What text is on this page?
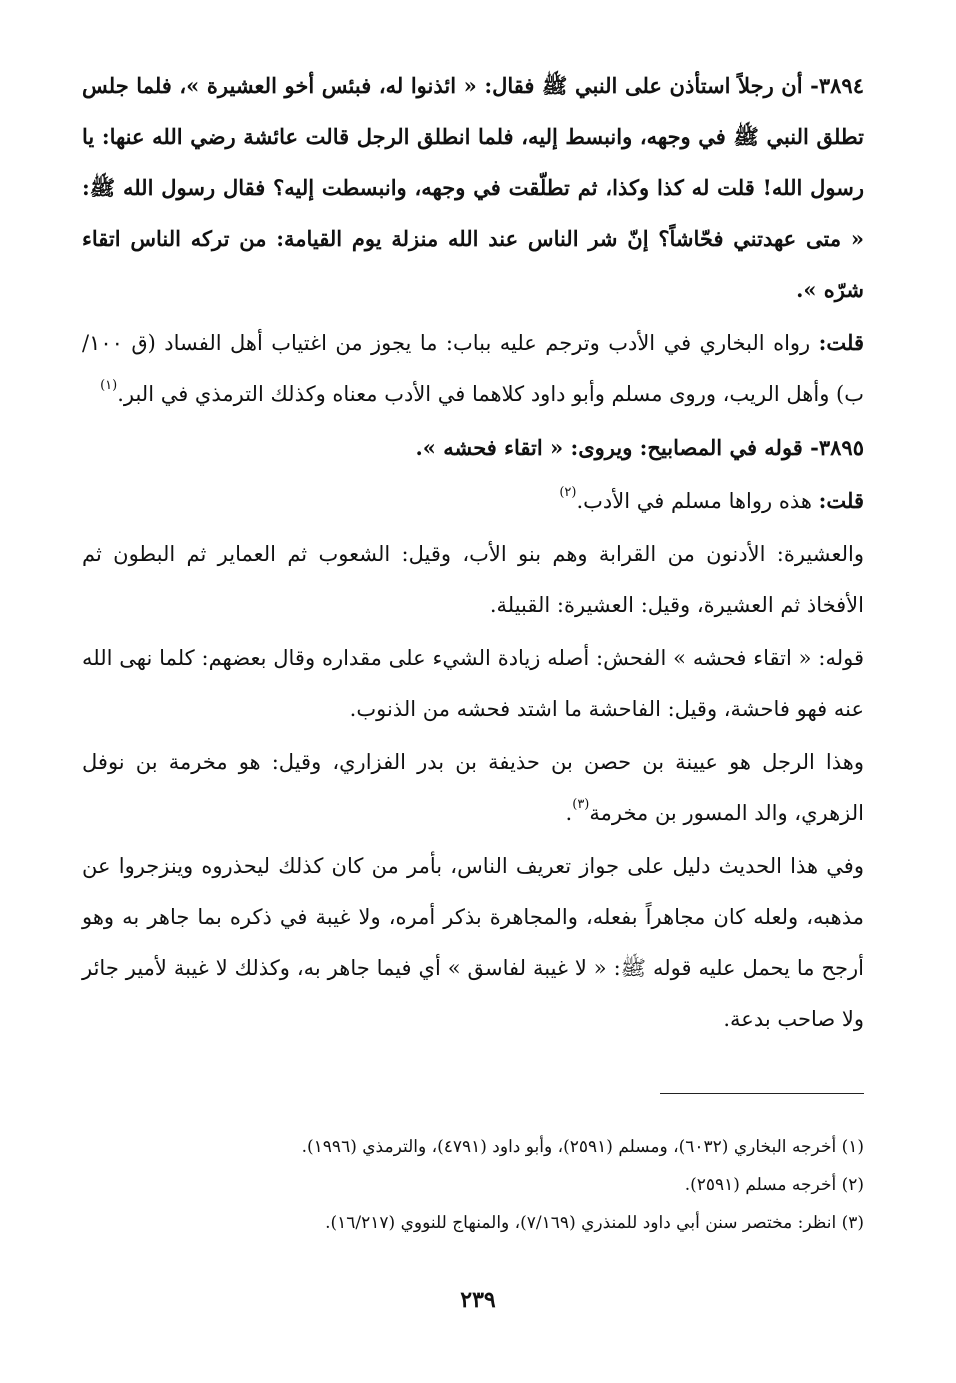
٣٨٩٤- أن رجلاً استأذن على النبي ﷺ فقال: « ائذنوا له، فبئس أخو العشيرة »، فلما جلس تطلق النبي ﷺ في وجهه، وانبسط إليه، فلما انطلق الرجل قالت عائشة رضي الله عنها: يا رسول الله! قلت له كذا وكذا، ثم تطلّقت في وجهه، وانبسطت إليه؟ فقال رسول الله ﷺ: « متى عهدتني فحّاشاً؟ إنّ شر الناس عند الله منزلة يوم القيامة: من تركه الناس اتقاء شرّه ».

قلت: رواه البخاري في الأدب وترجم عليه بباب: ما يجوز من اغتياب أهل الفساد (ق ١٠٠/ ب) وأهل الريب، وروى مسلم وأبو داود كلاهما في الأدب معناه وكذلك الترمذي في البر.$^{(١)}$

٣٨٩٥- قوله في المصابيح: ويروى: « اتقاء فحشه ».

قلت: هذه رواها مسلم في الأدب.$^{(٢)}$

والعشيرة: الأدنون من القرابة وهم بنو الأب، وقيل: الشعوب ثم العماير ثم البطون ثم الأفخاذ ثم العشيرة، وقيل: العشيرة: القبيلة.

قوله: « اتقاء فحشه » الفحش: أصله زيادة الشيء على مقداره وقال بعضهم: كلما نهى الله عنه فهو فاحشة، وقيل: الفاحشة ما اشتد فحشه من الذنوب.

وهذا الرجل هو عيينة بن حصن بن حذيفة بن بدر الفزاري، وقيل: هو مخرمة بن نوفل الزهري، والد المسور بن مخرمة$^{(٣)}$.

وفي هذا الحديث دليل على جواز تعريف الناس، بأمر من كان كذلك ليحذروه وينزجروا عن مذهبه، ولعله كان مجاهراً بفعله، والمجاهرة بذكر أمره، ولا غيبة في ذكره بما جاهر به وهو أرجح ما يحمل عليه قوله ﷺ: « لا غيبة لفاسق » أي فيما جاهر به، وكذلك لا غيبة لأمير جائر ولا صاحب بدعة.

(١) أخرجه البخاري (٦٠٣٢)، ومسلم (٢٥٩١)، وأبو داود (٤٧٩١)، والترمذي (١٩٩٦).

(٢) أخرجه مسلم (٢٥٩١).

(٣) انظر: مختصر سنن أبي داود للمنذري (٧/١٦٩)، والمنهاج للنووي (١٦/٢١٧).

٢٣٩
